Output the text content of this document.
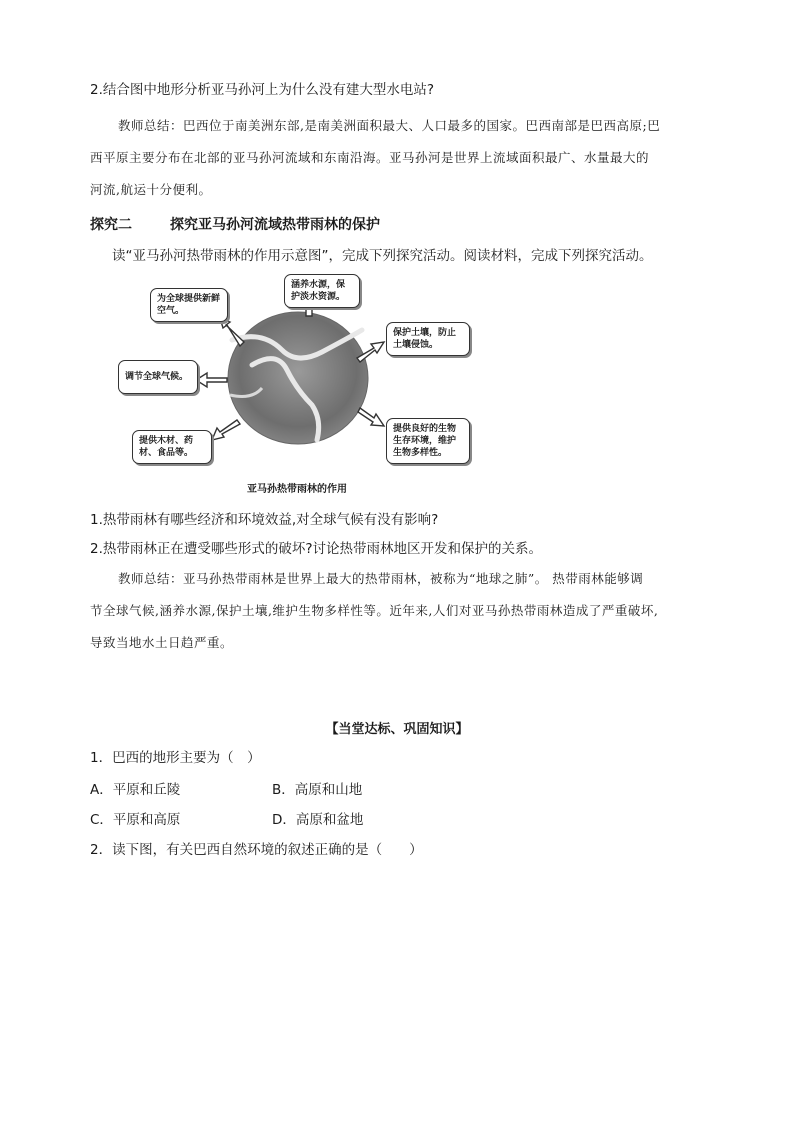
2.结合图中地形分析亚马孙河上为什么没有建大型水电站?
教师总结：巴西位于南美洲东部,是南美洲面积最大、人口最多的国家。巴西南部是巴西高原;巴
西平原主要分布在北部的亚马孙河流域和东南沿海。亚马孙河是世界上流域面积最广、水量最大的
河流,航运十分便利。
探究二	探究亚马孙河流域热带雨林的保护
读“亚马孙河热带雨林的作用示意图”，完成下列探究活动。阅读材料，完成下列探究活动。
为全球提供新鲜空气。
涵养水源，保护淡水资源。
保护土壤，防止土壤侵蚀。
调节全球气候。
提供木材、药材、食品等。
提供良好的生物生存环境，维护生物多样性。
亚马孙热带雨林的作用
1.热带雨林有哪些经济和环境效益,对全球气候有没有影响?
2.热带雨林正在遭受哪些形式的破坏?讨论热带雨林地区开发和保护的关系。
教师总结：亚马孙热带雨林是世界上最大的热带雨林，被称为“地球之肺”。 热带雨林能够调
节全球气候,涵养水源,保护土壤,维护生物多样性等。近年来,人们对亚马孙热带雨林造成了严重破坏,
导致当地水土日趋严重。
【当堂达标、巩固知识】
1．巴西的地形主要为（　）
A．平原和丘陵	B．高原和山地
C．平原和高原	D．高原和盆地
2．读下图，有关巴西自然环境的叙述正确的是（　　）
